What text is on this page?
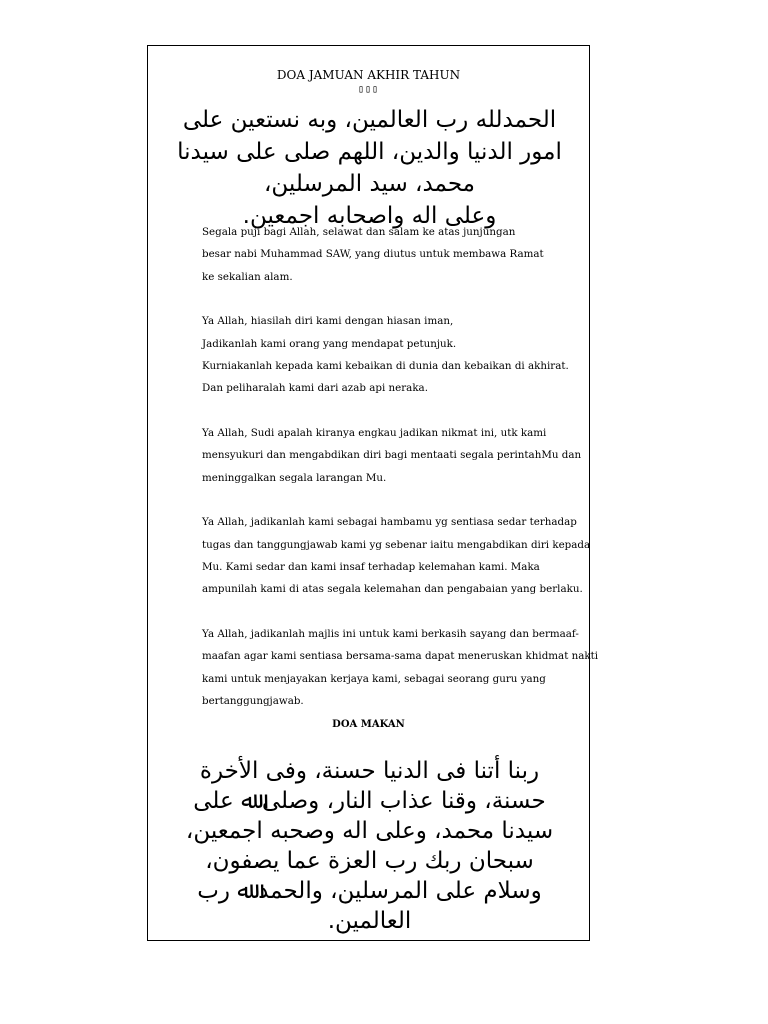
DOA JAMUAN AKHIR TAHUN
▯▯▯
الحمدلله رب العالمين، وبه نستعين على
امور الدنيا والدين، اللهم صلى على سيدنا
محمد، سيد المرسلين،
وعلى اله واصحابه اجمعين.
Segala puji bagi Allah, selawat dan salam ke atas junjungan
besar nabi Muhammad SAW, yang diutus untuk membawa Ramat
ke sekalian alam.
Ya Allah, hiasilah diri kami dengan hiasan iman,
Jadikanlah kami orang yang mendapat petunjuk.
Kurniakanlah kepada kami kebaikan di dunia dan kebaikan di akhirat.
Dan peliharalah kami dari azab api neraka.
Ya Allah, Sudi apalah kiranya engkau jadikan nikmat ini, utk kami
mensyukuri dan mengabdikan diri bagi mentaati segala perintahMu dan
meninggalkan segala larangan Mu.
Ya Allah, jadikanlah kami sebagai hambamu yg sentiasa sedar terhadap
tugas dan tanggungjawab kami yg sebenar iaitu mengabdikan diri kepada
Mu. Kami sedar dan kami insaf terhadap kelemahan kami. Maka
ampunilah kami di atas segala kelemahan dan pengabaian yang berlaku.
Ya Allah, jadikanlah majlis ini untuk kami berkasih sayang dan bermaaf-
maafan agar kami sentiasa bersama-sama dapat meneruskan khidmat nakti
kami untuk menjayakan kerjaya kami, sebagai seorang guru yang
bertanggungjawab.
DOA MAKAN
ربنا أتنا فى الدنيا حسنة، وفى الأخرة
حسنة، وقنا عذاب النار، وصلى ﷲ على
سيدنا محمد، وعلى اله وصحبه اجمعين،
سبحان ربك رب العزة عما يصفون،
وسلام على المرسلين، والحمد ﷲ رب
العالمين.
